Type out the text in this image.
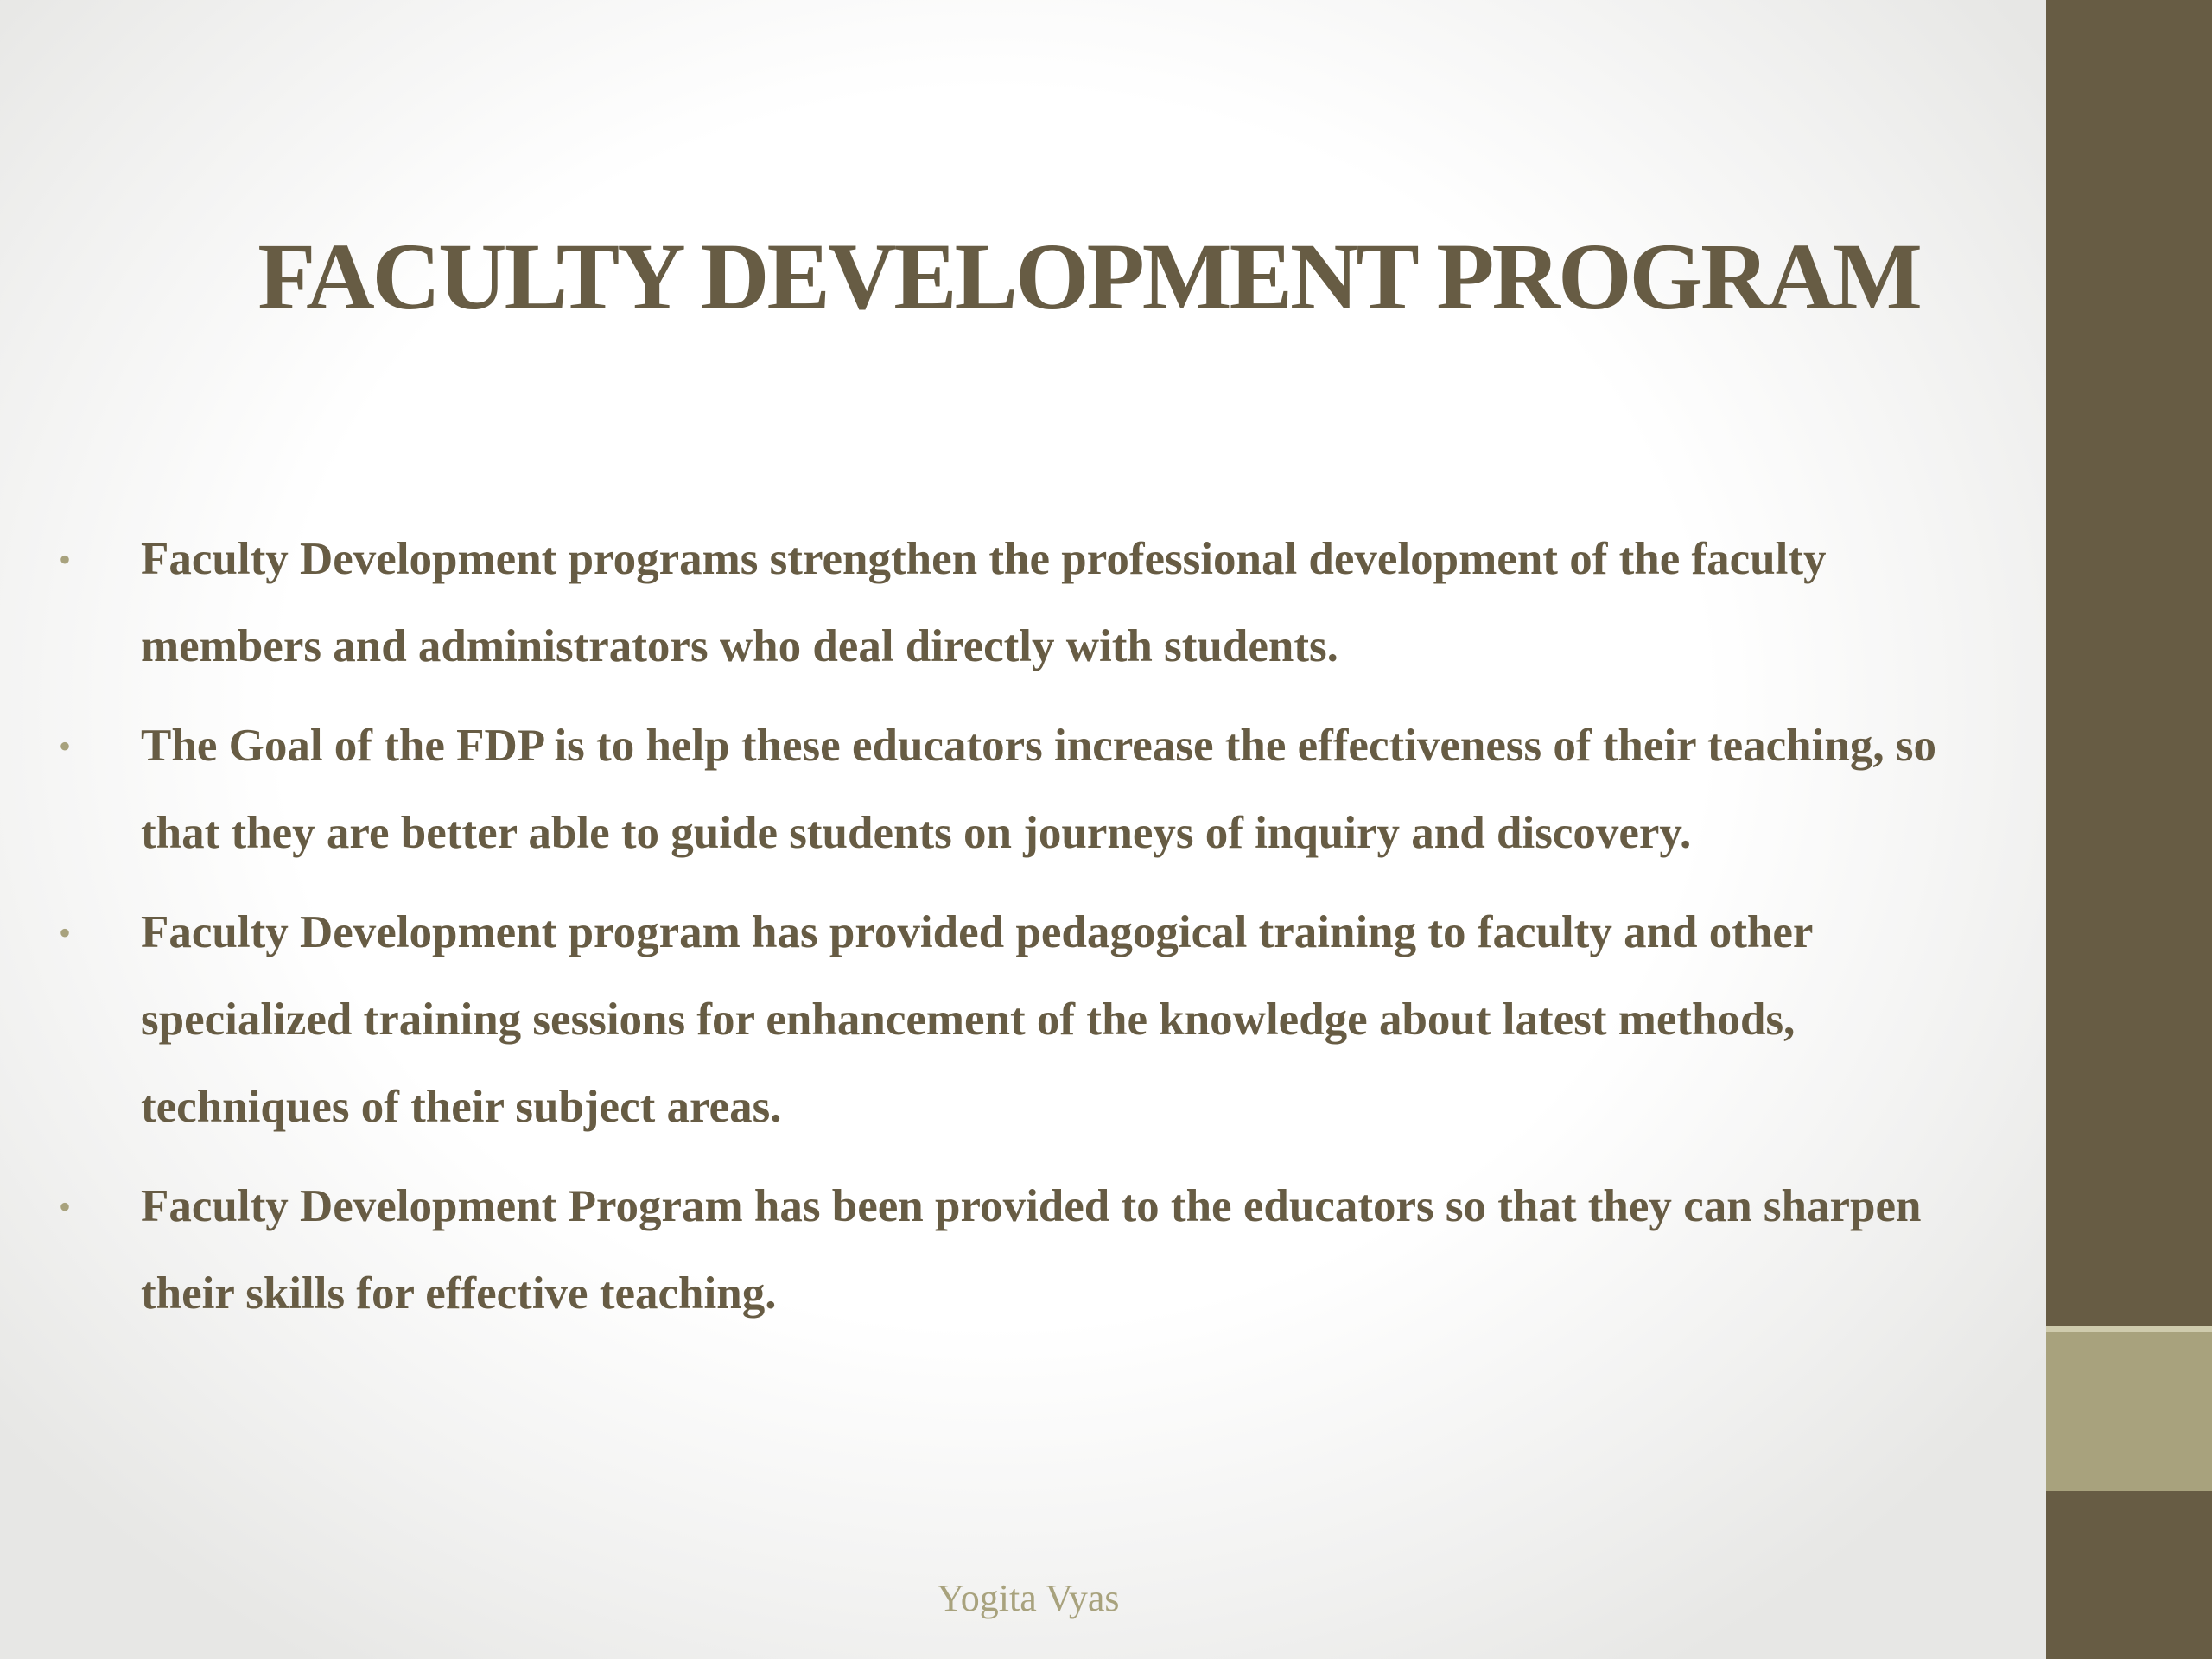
FACULTY DEVELOPMENT PROGRAM
• Faculty Development programs strengthen the professional development of the faculty members and administrators who deal directly with students.
• The Goal of the FDP is to help these educators increase the effectiveness of their teaching, so that they are better able to guide students on journeys of inquiry and discovery.
• Faculty Development program has provided pedagogical training to faculty and other specialized training sessions for enhancement of the knowledge about latest methods, techniques of their subject areas.
• Faculty Development Program has been provided to the educators so that they can sharpen their skills for effective teaching.
Yogita Vyas
